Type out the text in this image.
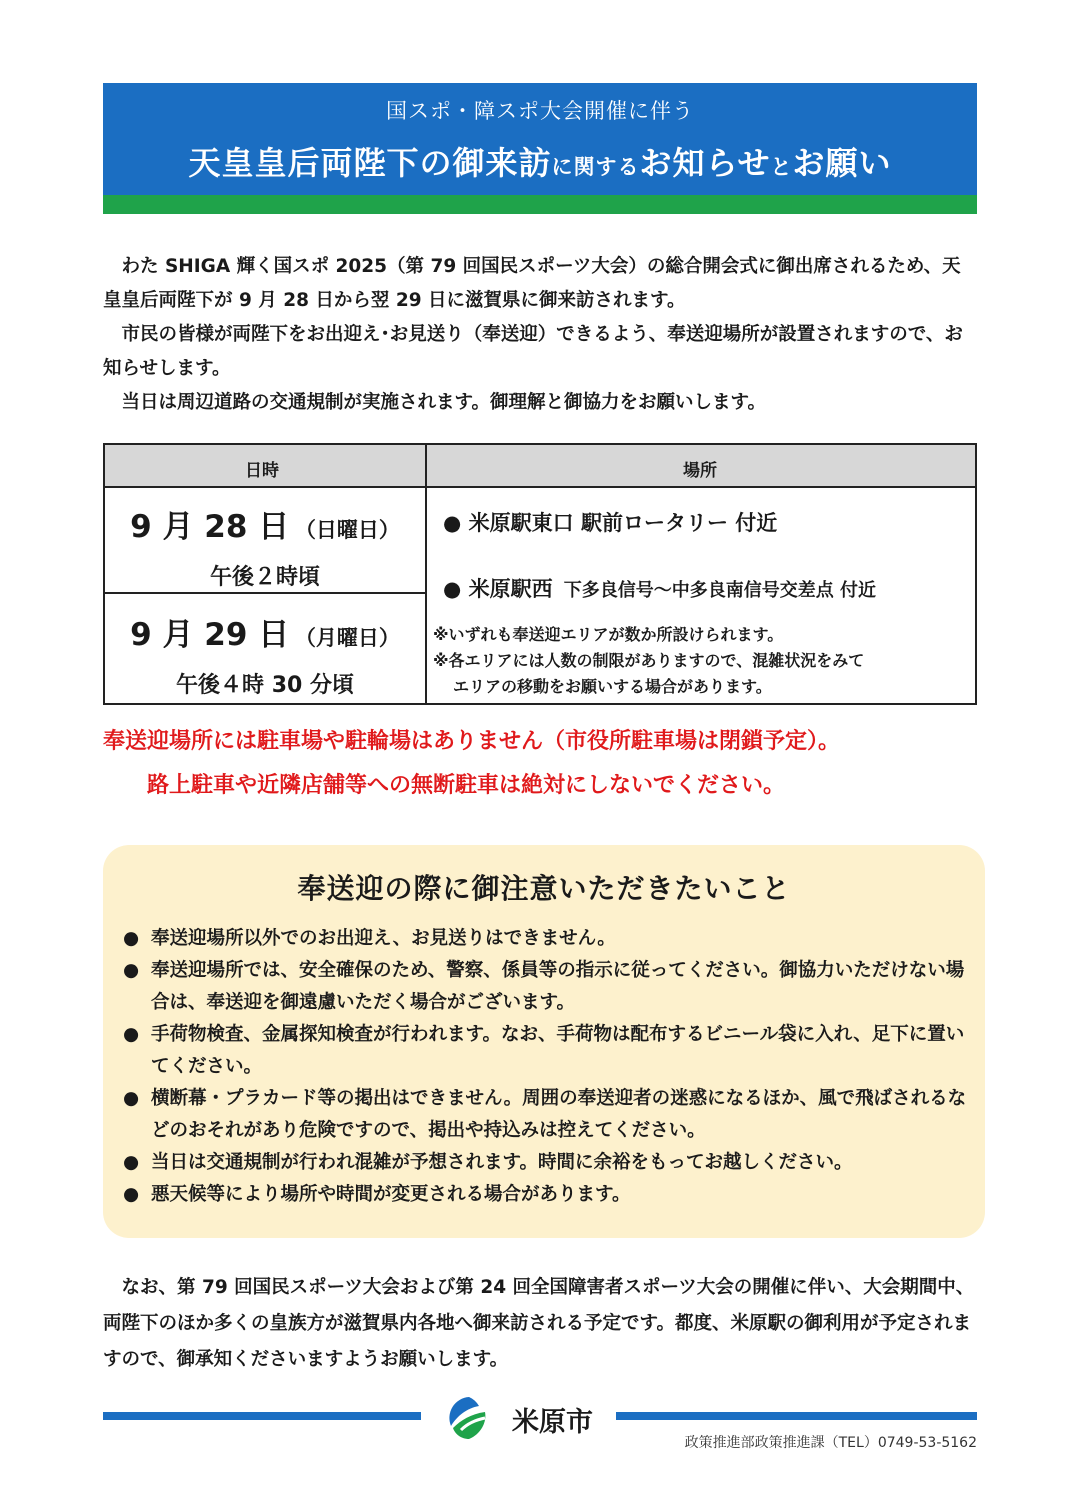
国スポ・障スポ大会開催に伴う
天皇皇后両陛下の御来訪に関するお知らせとお願い

わた SHIGA 輝く国スポ 2025（第 79 回国民スポーツ大会）の総合開会式に御出席されるため、天皇皇后両陛下が 9 月 28 日から翌 29 日に滋賀県に御来訪されます。

市民の皆様が両陛下をお出迎え･お見送り（奉送迎）できるよう、奉送迎場所が設置されますので、お知らせします。

当日は周辺道路の交通規制が実施されます。御理解と御協力をお願いします。

日時	場所
9 月 28 日 （日曜日）
午後２時頃
9 月 29 日 （月曜日）
午後４時 30 分頃
● 米原駅東口 駅前ロータリー 付近
● 米原駅西 下多良信号～中多良南信号交差点 付近
※いずれも奉送迎エリアが数か所設けられます。
※各エリアには人数の制限がありますので、混雑状況をみて
エリアの移動をお願いする場合があります。
奉送迎場所には駐車場や駐輪場はありません（市役所駐車場は閉鎖予定）。
路上駐車や近隣店舗等への無断駐車は絶対にしないでください。
奉送迎の際に御注意いただきたいこと
● 奉送迎場所以外でのお出迎え、お見送りはできません。
● 奉送迎場所では、安全確保のため、警察、係員等の指示に従ってください。御協力いただけない場合は、奉送迎を御遠慮いただく場合がございます。
● 手荷物検査、金属探知検査が行われます。なお、手荷物は配布するビニール袋に入れ、足下に置いてください。
● 横断幕・プラカード等の掲出はできません。周囲の奉送迎者の迷惑になるほか、風で飛ばされるなどのおそれがあり危険ですので、掲出や持込みは控えてください。
● 当日は交通規制が行われ混雑が予想されます。時間に余裕をもってお越しください。
● 悪天候等により場所や時間が変更される場合があります。

なお、第 79 回国民スポーツ大会および第 24 回全国障害者スポーツ大会の開催に伴い、大会期間中、両陛下のほか多くの皇族方が滋賀県内各地へ御来訪される予定です。都度、米原駅の御利用が予定されますので、御承知くださいますようお願いします。

米原市
政策推進部政策推進課（TEL）0749-53-5162
